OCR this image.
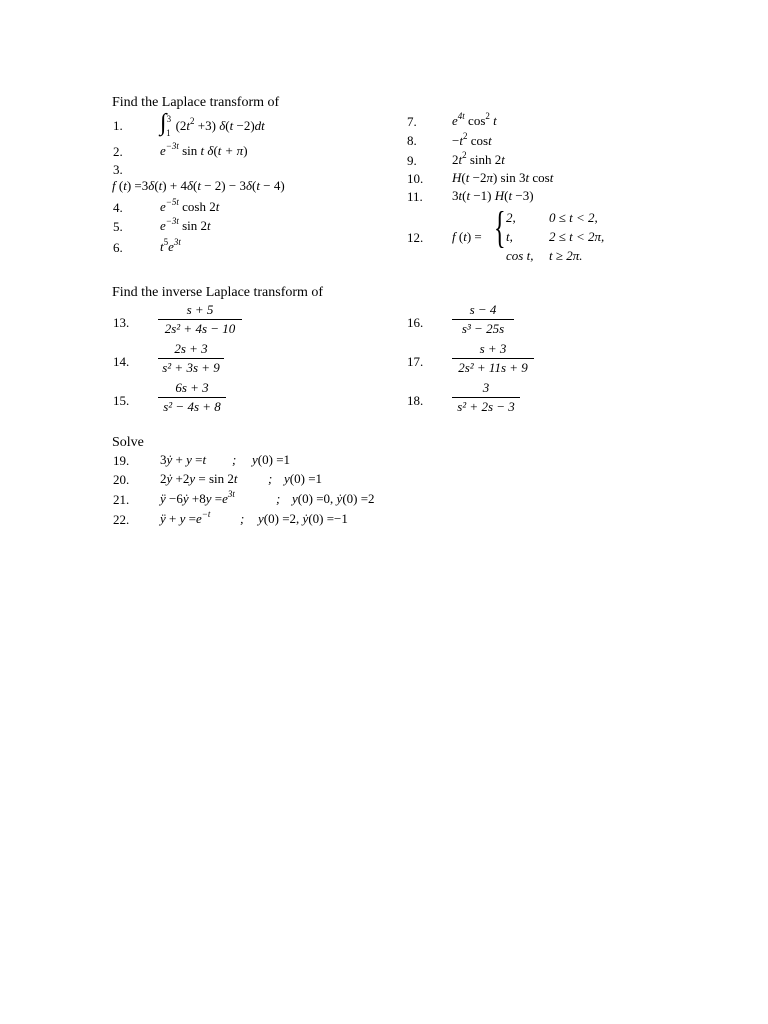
Find the Laplace transform of
1. ∫$^3_1$ $(2t^2 +3)$ δ(t −2)dt
2.	$e^{-3t}$ sin t δ(t + π)
3.
f (t) =3δ(t) + 4δ(t − 2) − 3δ(t − 4)
4.	$e^{-5t}$ cosh 2t
5.	$e^{-3t}$ sin 2t
6.	$t^5e^{3t}$
7.	$e^{4t}$ $\cos^2 t$
8.	$-t^2$ cost
9.	$2t^2$ sinh 2t
10. H(t −2π) sin 3t cost
11. 3t(t −1) H(t −3)
12. f (t) = { 2,	0 ≤ t < 2,
t,	2 ≤ t < 2π,
cos t, t ≥ 2π.
Find the inverse Laplace transform of
13.
s + 5
2s² + 4s − 10
14.
2s + 3
s² + 3s + 9
15.
6s + 3
s² − 4s + 8
16.
s − 4
s³ − 25s
17.
s + 3
2s² + 11s + 9
18.
3
s² + 2s − 3
Solve
19. 3ẏ + y =t ; y(0) =1
20. 2ẏ +2y = sin 2t ; y(0) =1
21. ÿ −6ẏ $+8y =e^{3t}$	; y(0) =0, ẏ(0) =2
22. ÿ + $y =e^{-t}$ ; y(0) =2, ẏ(0) =−1
